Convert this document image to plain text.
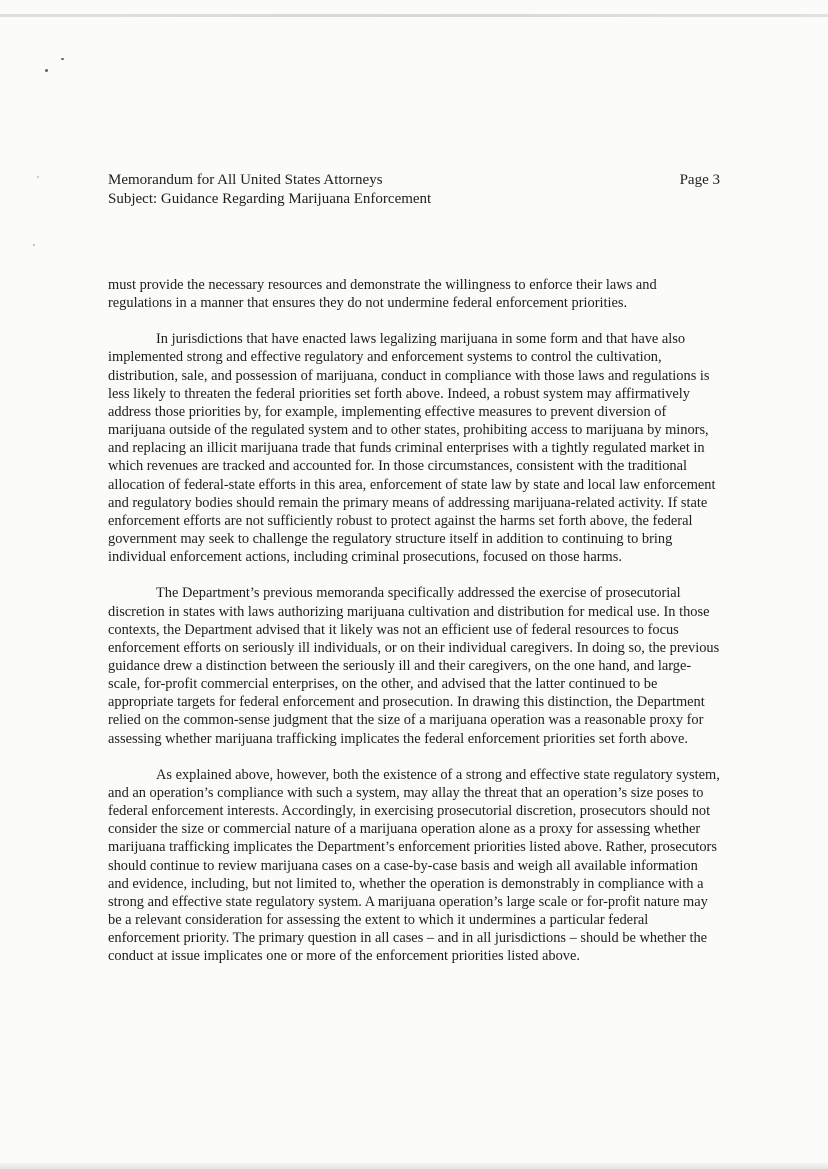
Memorandum for All United States Attorneys	Page 3
Subject: Guidance Regarding Marijuana Enforcement

must provide the necessary resources and demonstrate the willingness to enforce their laws and regulations in a manner that ensures they do not undermine federal enforcement priorities.

In jurisdictions that have enacted laws legalizing marijuana in some form and that have also implemented strong and effective regulatory and enforcement systems to control the cultivation, distribution, sale, and possession of marijuana, conduct in compliance with those laws and regulations is less likely to threaten the federal priorities set forth above. Indeed, a robust system may affirmatively address those priorities by, for example, implementing effective measures to prevent diversion of marijuana outside of the regulated system and to other states, prohibiting access to marijuana by minors, and replacing an illicit marijuana trade that funds criminal enterprises with a tightly regulated market in which revenues are tracked and accounted for. In those circumstances, consistent with the traditional allocation of federal-state efforts in this area, enforcement of state law by state and local law enforcement and regulatory bodies should remain the primary means of addressing marijuana-related activity. If state enforcement efforts are not sufficiently robust to protect against the harms set forth above, the federal government may seek to challenge the regulatory structure itself in addition to continuing to bring individual enforcement actions, including criminal prosecutions, focused on those harms.

The Department’s previous memoranda specifically addressed the exercise of prosecutorial discretion in states with laws authorizing marijuana cultivation and distribution for medical use. In those contexts, the Department advised that it likely was not an efficient use of federal resources to focus enforcement efforts on seriously ill individuals, or on their individual caregivers. In doing so, the previous guidance drew a distinction between the seriously ill and their caregivers, on the one hand, and large-scale, for-profit commercial enterprises, on the other, and advised that the latter continued to be appropriate targets for federal enforcement and prosecution. In drawing this distinction, the Department relied on the common-sense judgment that the size of a marijuana operation was a reasonable proxy for assessing whether marijuana trafficking implicates the federal enforcement priorities set forth above.

As explained above, however, both the existence of a strong and effective state regulatory system, and an operation’s compliance with such a system, may allay the threat that an operation’s size poses to federal enforcement interests. Accordingly, in exercising prosecutorial discretion, prosecutors should not consider the size or commercial nature of a marijuana operation alone as a proxy for assessing whether marijuana trafficking implicates the Department’s enforcement priorities listed above. Rather, prosecutors should continue to review marijuana cases on a case-by-case basis and weigh all available information and evidence, including, but not limited to, whether the operation is demonstrably in compliance with a strong and effective state regulatory system. A marijuana operation’s large scale or for-profit nature may be a relevant consideration for assessing the extent to which it undermines a particular federal enforcement priority. The primary question in all cases – and in all jurisdictions – should be whether the conduct at issue implicates one or more of the enforcement priorities listed above.
